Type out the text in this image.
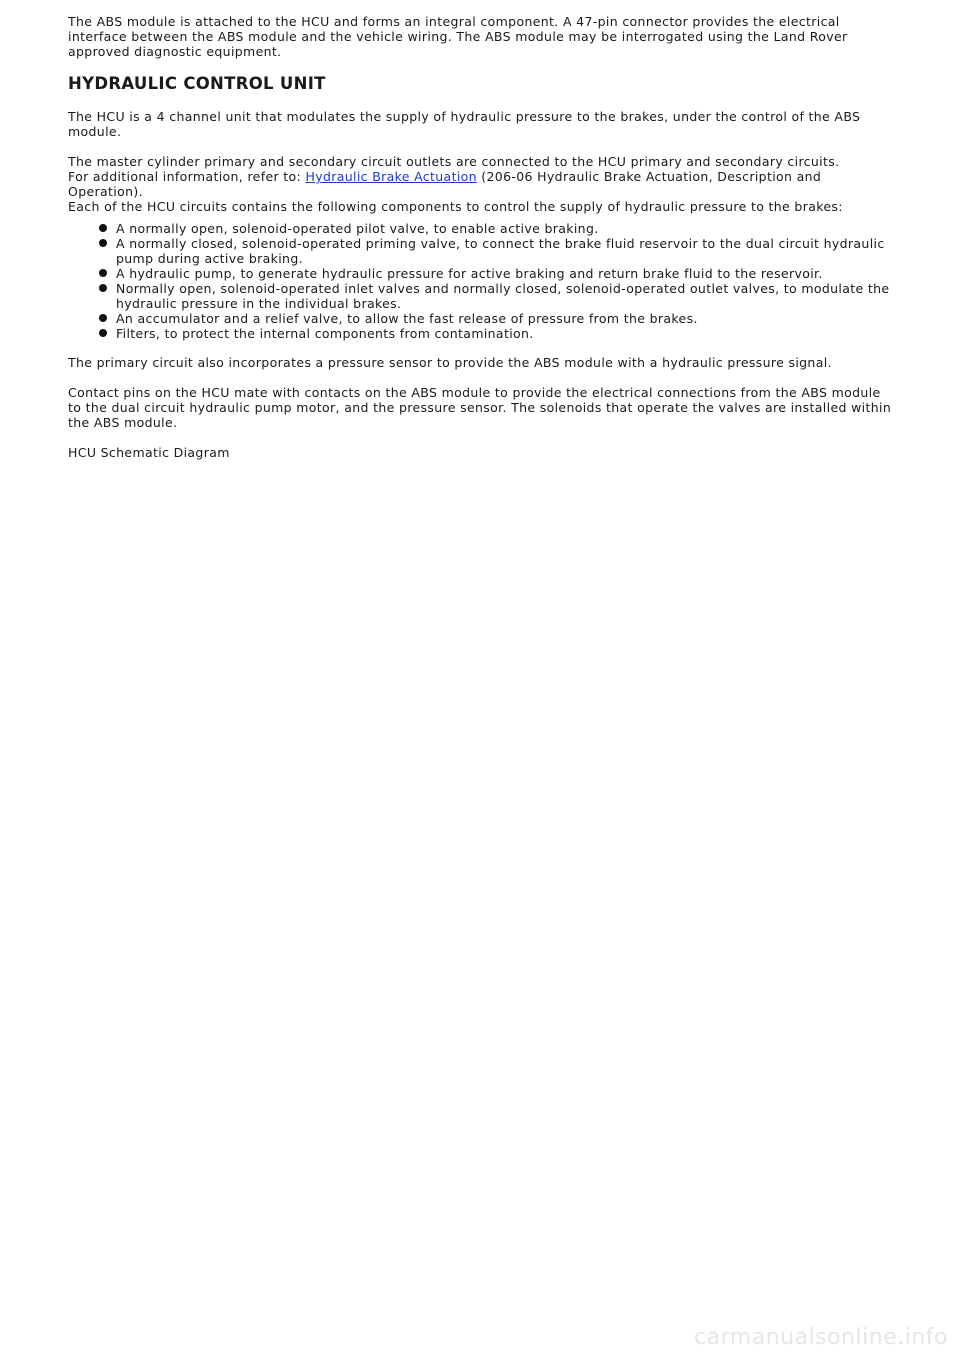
The ABS module is attached to the HCU and forms an integral component. A 47-pin connector provides the electrical interface between the ABS module and the vehicle wiring. The ABS module may be interrogated using the Land Rover approved diagnostic equipment.

HYDRAULIC CONTROL UNIT

The HCU is a 4 channel unit that modulates the supply of hydraulic pressure to the brakes, under the control of the ABS module.

The master cylinder primary and secondary circuit outlets are connected to the HCU primary and secondary circuits.

For additional information, refer to: Hydraulic Brake Actuation (206-06 Hydraulic Brake Actuation, Description and Operation).

Each of the HCU circuits contains the following components to control the supply of hydraulic pressure to the brakes:

A normally open, solenoid-operated pilot valve, to enable active braking.
A normally closed, solenoid-operated priming valve, to connect the brake fluid reservoir to the dual circuit hydraulic pump during active braking.
A hydraulic pump, to generate hydraulic pressure for active braking and return brake fluid to the reservoir.
Normally open, solenoid-operated inlet valves and normally closed, solenoid-operated outlet valves, to modulate the hydraulic pressure in the individual brakes.
An accumulator and a relief valve, to allow the fast release of pressure from the brakes.
Filters, to protect the internal components from contamination.

The primary circuit also incorporates a pressure sensor to provide the ABS module with a hydraulic pressure signal.

Contact pins on the HCU mate with contacts on the ABS module to provide the electrical connections from the ABS module to the dual circuit hydraulic pump motor, and the pressure sensor. The solenoids that operate the valves are installed within the ABS module.

HCU Schematic Diagram

carmanualsonline.info
